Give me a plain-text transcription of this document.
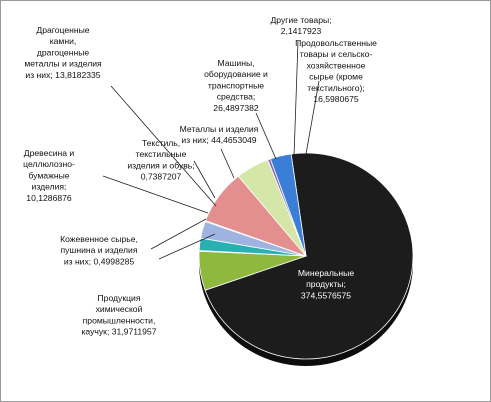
Минеральные продукты; 374,5576575
Продукция химической промышленности, каучук; 31,9711957
Кожевенное сырье, пушнина и изделия из них; 0,4998285
Древесина и целлюлозно-бумажные изделия; 10,1286876
Драгоценные камни, драгоценные металлы и изделия из них; 13,8182335
Текстиль, текстильные изделия и обувь; 0,7387207
Металлы и изделия из них; 44,4653049
Машины, оборудование и транспортные средства; 26,4897382
Другие товары; 2,1417923
Продовольственные товары и сельско-хозяйственное сырье (кроме текстильного); 16,5980675
